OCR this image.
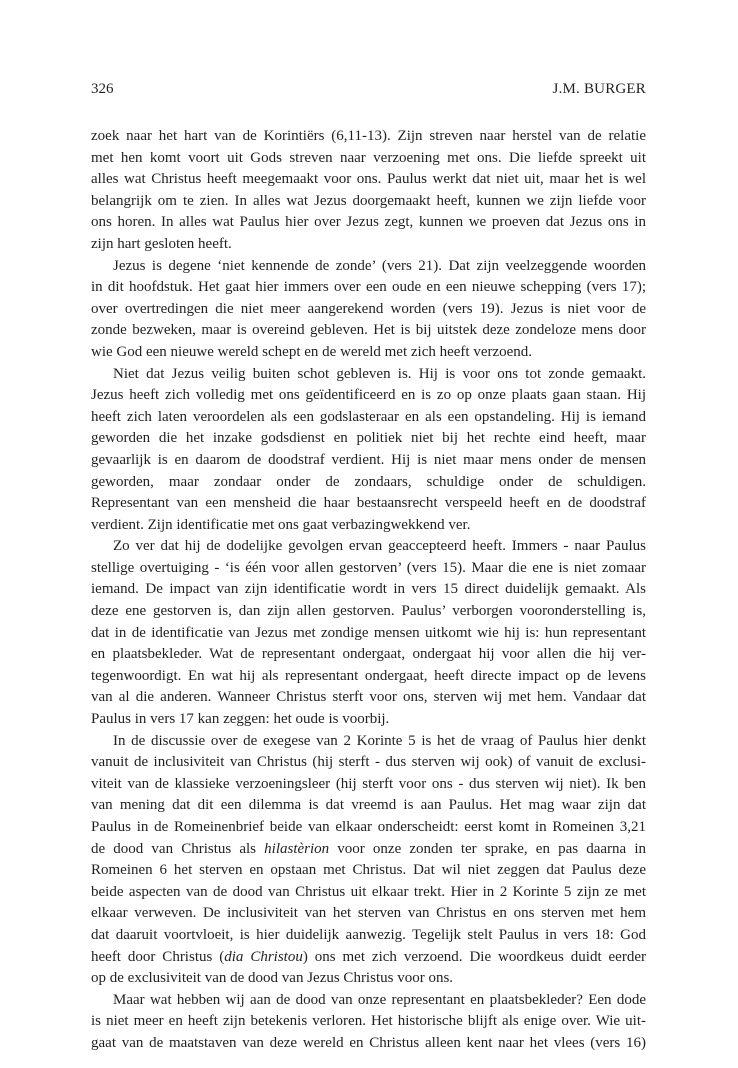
326	J.M. BURGER
zoek naar het hart van de Korintiërs (6,11-13). Zijn streven naar herstel van de relatie
met hen komt voort uit Gods streven naar verzoening met ons. Die liefde spreekt uit
alles wat Christus heeft meegemaakt voor ons. Paulus werkt dat niet uit, maar het is wel
belangrijk om te zien. In alles wat Jezus doorgemaakt heeft, kunnen we zijn liefde voor
ons horen. In alles wat Paulus hier over Jezus zegt, kunnen we proeven dat Jezus ons in
zijn hart gesloten heeft.
Jezus is degene ‘niet kennende de zonde’ (vers 21). Dat zijn veelzeggende woorden
in dit hoofdstuk. Het gaat hier immers over een oude en een nieuwe schepping (vers 17);
over overtredingen die niet meer aangerekend worden (vers 19). Jezus is niet voor de
zonde bezweken, maar is overeind gebleven. Het is bij uitstek deze zondeloze mens door
wie God een nieuwe wereld schept en de wereld met zich heeft verzoend.
Niet dat Jezus veilig buiten schot gebleven is. Hij is voor ons tot zonde gemaakt.
Jezus heeft zich volledig met ons geïdentificeerd en is zo op onze plaats gaan staan. Hij
heeft zich laten veroordelen als een godslasteraar en als een opstandeling. Hij is iemand
geworden die het inzake godsdienst en politiek niet bij het rechte eind heeft, maar
gevaarlijk is en daarom de doodstraf verdient. Hij is niet maar mens onder de mensen
geworden, maar zondaar onder de zondaars, schuldige onder de schuldigen.
Representant van een mensheid die haar bestaansrecht verspeeld heeft en de doodstraf
verdient. Zijn identificatie met ons gaat verbazingwekkend ver.
Zo ver dat hij de dodelijke gevolgen ervan geaccepteerd heeft. Immers - naar Paulus
stellige overtuiging - ‘is één voor allen gestorven’ (vers 15). Maar die ene is niet zomaar
iemand. De impact van zijn identificatie wordt in vers 15 direct duidelijk gemaakt. Als
deze ene gestorven is, dan zijn allen gestorven. Paulus’ verborgen vooronderstelling is,
dat in de identificatie van Jezus met zondige mensen uitkomt wie hij is: hun representant
en plaatsbekleder. Wat de representant ondergaat, ondergaat hij voor allen die hij ver-
tegenwoordigt. En wat hij als representant ondergaat, heeft directe impact op de levens
van al die anderen. Wanneer Christus sterft voor ons, sterven wij met hem. Vandaar dat
Paulus in vers 17 kan zeggen: het oude is voorbij.
In de discussie over de exegese van 2 Korinte 5 is het de vraag of Paulus hier denkt
vanuit de inclusiviteit van Christus (hij sterft - dus sterven wij ook) of vanuit de exclusi-
viteit van de klassieke verzoeningsleer (hij sterft voor ons - dus sterven wij niet). Ik ben
van mening dat dit een dilemma is dat vreemd is aan Paulus. Het mag waar zijn dat
Paulus in de Romeinenbrief beide van elkaar onderscheidt: eerst komt in Romeinen 3,21
de dood van Christus als hilastèrion voor onze zonden ter sprake, en pas daarna in
Romeinen 6 het sterven en opstaan met Christus. Dat wil niet zeggen dat Paulus deze
beide aspecten van de dood van Christus uit elkaar trekt. Hier in 2 Korinte 5 zijn ze met
elkaar verweven. De inclusiviteit van het sterven van Christus en ons sterven met hem
dat daaruit voortvloeit, is hier duidelijk aanwezig. Tegelijk stelt Paulus in vers 18: God
heeft door Christus (dia Christou) ons met zich verzoend. Die woordkeus duidt eerder
op de exclusiviteit van de dood van Jezus Christus voor ons.
Maar wat hebben wij aan de dood van onze representant en plaatsbekleder? Een dode
is niet meer en heeft zijn betekenis verloren. Het historische blijft als enige over. Wie uit-
gaat van de maatstaven van deze wereld en Christus alleen kent naar het vlees (vers 16)
